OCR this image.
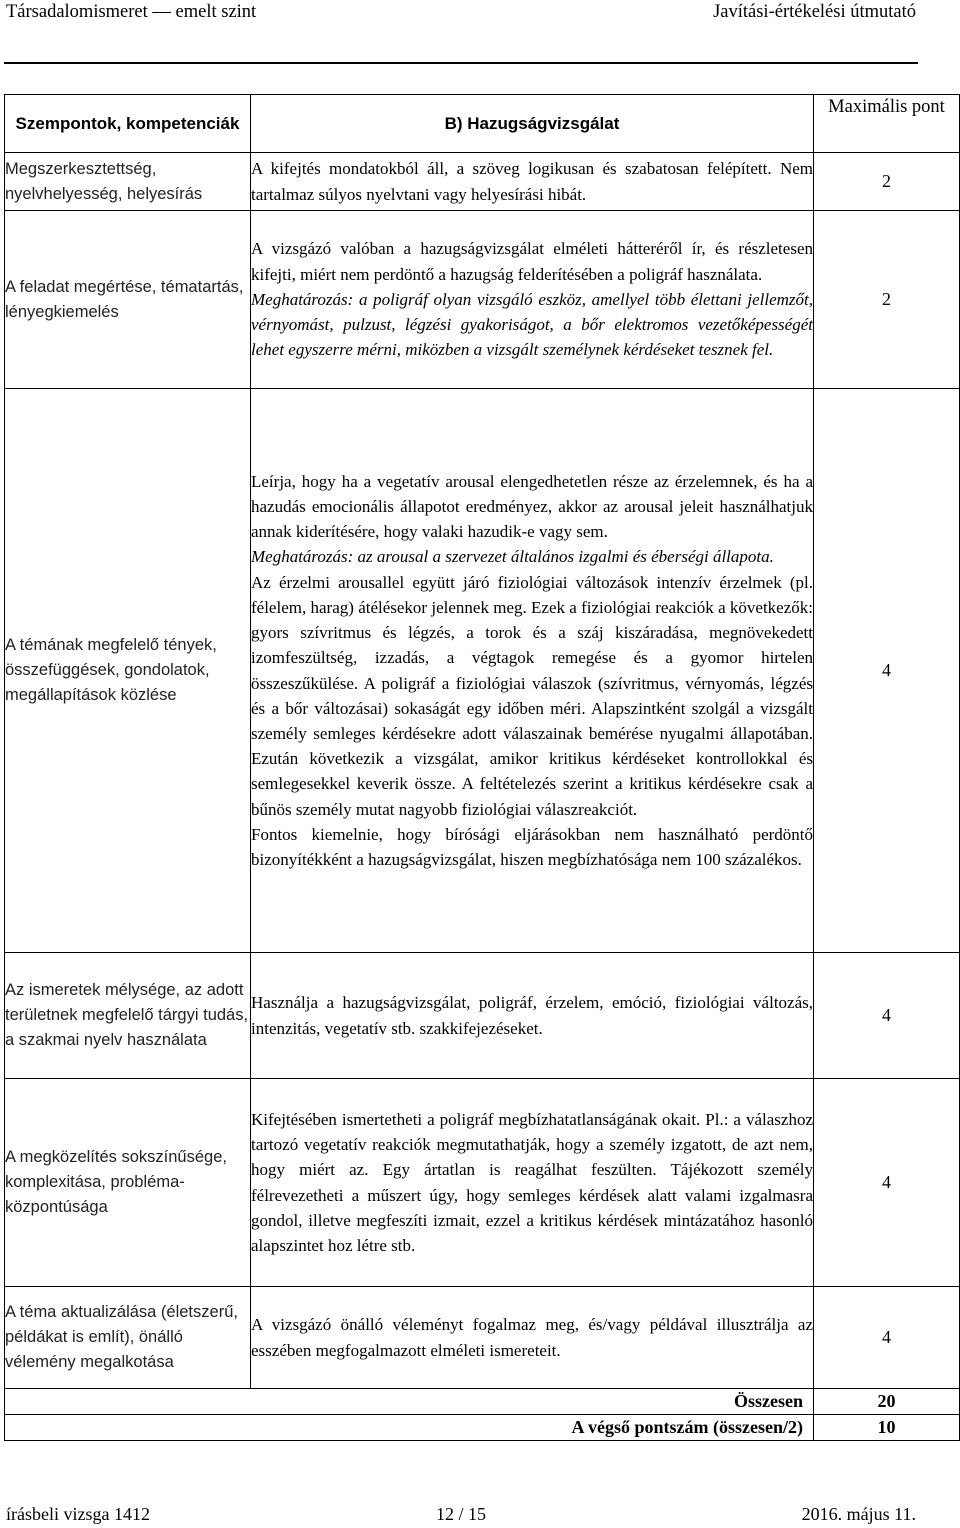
Társadalomismeret — emelt szint	Javítási-értékelési útmutató
Szempontok, kompetenciák	B) Hazugságvizsgálat	Maximális pont
Megszerkesztettség, nyelvhelyesség, helyesírás	A kifejtés mondatokból áll, a szöveg logikusan és szabatosan felépített. Nem tartalmaz súlyos nyelvtani vagy helyesírási hibát.	2
A feladat megértése, tématartás, lényegkiemelés	A vizsgázó valóban a hazugságvizsgálat elméleti hátteréről ír, és részletesen kifejti, miért nem perdöntő a hazugság felderítésében a poligráf használata.

Meghatározás: a poligráf olyan vizsgáló eszköz, amellyel több élettani jellemzőt, vérnyomást, pulzust, légzési gyakoriságot, a bőr elektromos vezetőképességét lehet egyszerre mérni, miközben a vizsgált személynek kérdéseket tesznek fel.	2
A témának megfelelő tények, összefüggések, gondolatok, megállapítások közlése	Leírja, hogy ha a vegetatív arousal elengedhetetlen része az érzelemnek, és ha a hazudás emocionális állapotot eredményez, akkor az arousal jeleit használhatjuk annak kiderítésére, hogy valaki hazudik-e vagy sem.

Meghatározás: az arousal a szervezet általános izgalmi és éberségi állapota.

Az érzelmi arousallel együtt járó fiziológiai változások intenzív érzelmek (pl. félelem, harag) átélésekor jelennek meg. Ezek a fiziológiai reakciók a következők: gyors szívritmus és légzés, a torok és a száj kiszáradása, megnövekedett izomfeszültség, izzadás, a végtagok remegése és a gyomor hirtelen összeszűkülése. A poligráf a fiziológiai válaszok (szívritmus, vérnyomás, légzés és a bőr változásai) sokaságát egy időben méri. Alapszintként szolgál a vizsgált személy semleges kérdésekre adott válaszainak bemérése nyugalmi állapotában. Ezután következik a vizsgálat, amikor kritikus kérdéseket kontrollokkal és semlegesekkel keverik össze. A feltételezés szerint a kritikus kérdésekre csak a bűnös személy mutat nagyobb fiziológiai válaszreakciót.

Fontos kiemelnie, hogy bírósági eljárásokban nem használható perdöntő bizonyítékként a hazugságvizsgálat, hiszen megbízhatósága nem 100 százalékos.	4
Az ismeretek mélysége, az adott területnek megfelelő tárgyi tudás, a szakmai nyelv használata	Használja a hazugságvizsgálat, poligráf, érzelem, emóció, fiziológiai változás, intenzitás, vegetatív stb. szakkifejezéseket.	4
A megközelítés sokszínűsége, komplexitása, probléma-központúsága	Kifejtésében ismertetheti a poligráf megbízhatatlanságának okait. Pl.: a válaszhoz tartozó vegetatív reakciók megmutathatják, hogy a személy izgatott, de azt nem, hogy miért az. Egy ártatlan is reagálhat feszülten. Tájékozott személy félrevezetheti a műszert úgy, hogy semleges kérdések alatt valami izgalmasra gondol, illetve megfeszíti izmait, ezzel a kritikus kérdések mintázatához hasonló alapszintet hoz létre stb.	4
A téma aktualizálása (életszerű, példákat is említ), önálló vélemény megalkotása	A vizsgázó önálló véleményt fogalmaz meg, és/vagy példával illusztrálja az esszében megfogalmazott elméleti ismereteit.	4
Összesen		20
A végső pontszám (összesen/2)		10
írásbeli vizsga 1412	12 / 15	2016. május 11.
